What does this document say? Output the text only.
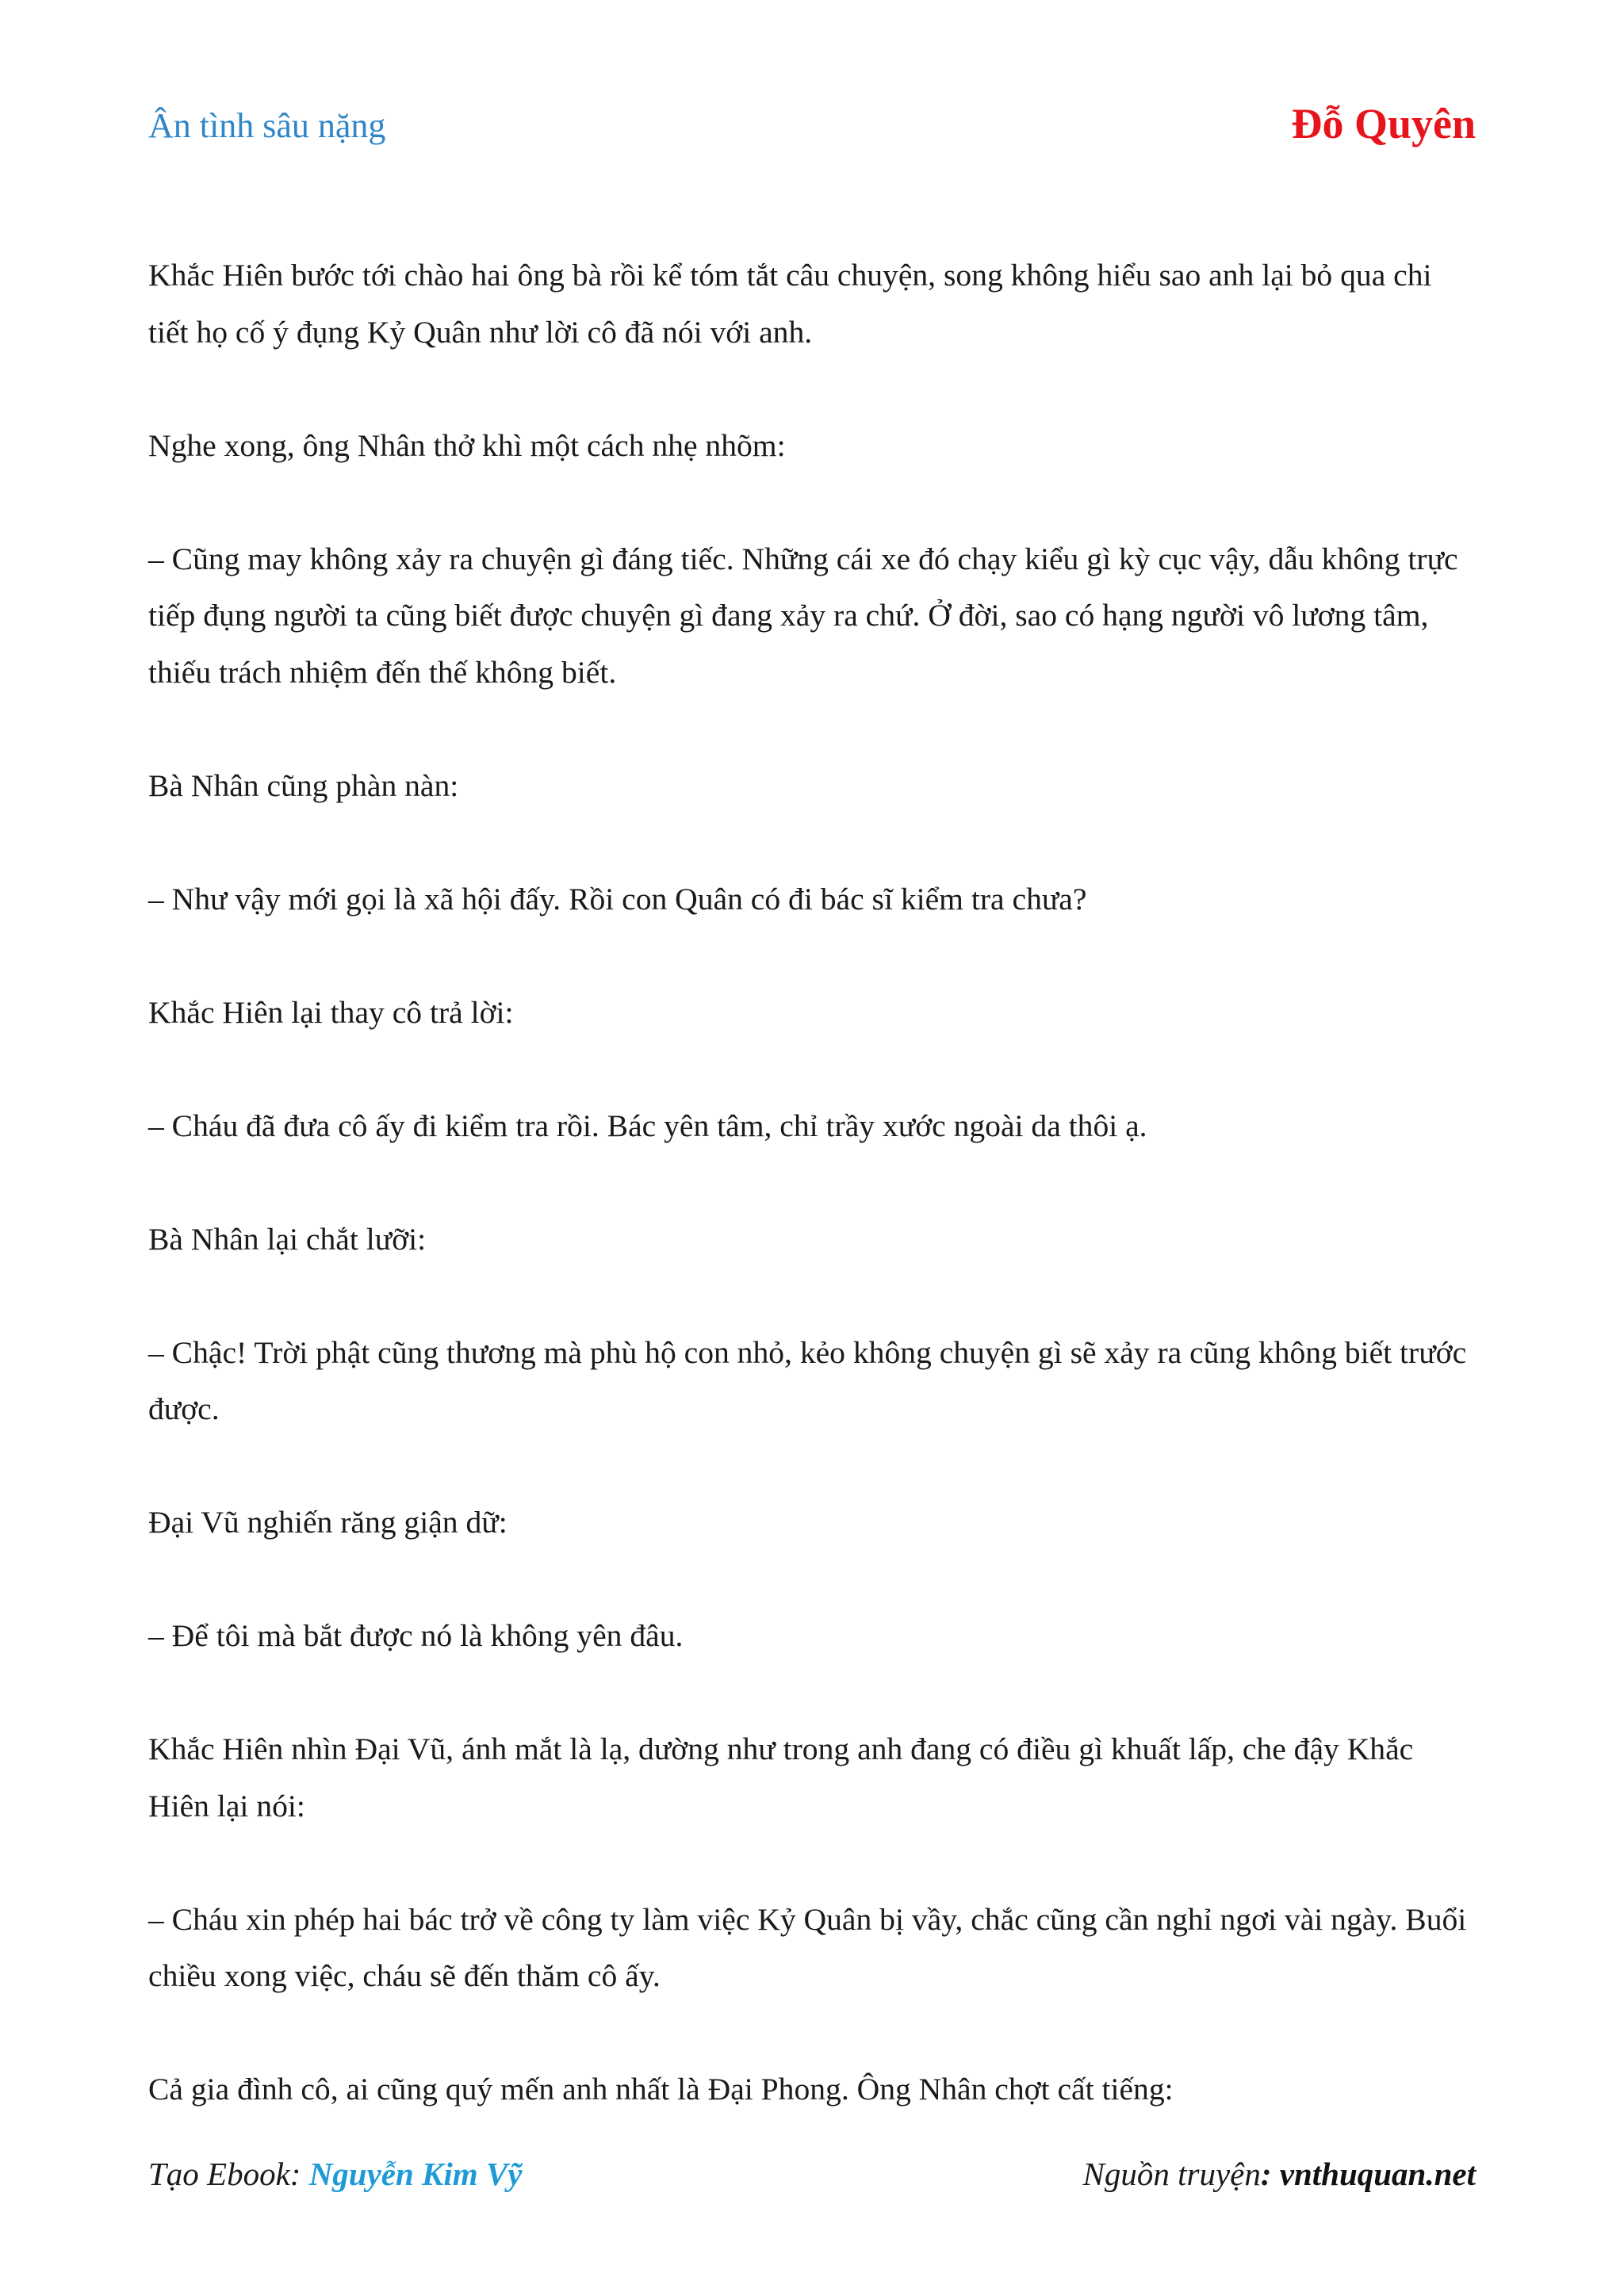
Ân tình sâu nặng	Đỗ Quyên

Khắc Hiên bước tới chào hai ông bà rồi kể tóm tắt câu chuyện, song không hiểu sao anh lại bỏ qua chi tiết họ cố ý đụng Kỷ Quân như lời cô đã nói với anh.

Nghe xong, ông Nhân thở khì một cách nhẹ nhõm:

– Cũng may không xảy ra chuyện gì đáng tiếc. Những cái xe đó chạy kiểu gì kỳ cục vậy, dẫu không trực tiếp đụng người ta cũng biết được chuyện gì đang xảy ra chứ. Ở đời, sao có hạng người vô lương tâm, thiếu trách nhiệm đến thế không biết.

Bà Nhân cũng phàn nàn:

– Như vậy mới gọi là xã hội đấy. Rồi con Quân có đi bác sĩ kiểm tra chưa?

Khắc Hiên lại thay cô trả lời:

– Cháu đã đưa cô ấy đi kiểm tra rồi. Bác yên tâm, chỉ trầy xước ngoài da thôi ạ.

Bà Nhân lại chắt lưỡi:

– Chậc! Trời phật cũng thương mà phù hộ con nhỏ, kẻo không chuyện gì sẽ xảy ra cũng không biết trước được.

Đại Vũ nghiến răng giận dữ:

– Để tôi mà bắt được nó là không yên đâu.

Khắc Hiên nhìn Đại Vũ, ánh mắt là lạ, dường như trong anh đang có điều gì khuất lấp, che đậy Khắc Hiên lại nói:

– Cháu xin phép hai bác trở về công ty làm việc Kỷ Quân bị vầy, chắc cũng cần nghỉ ngơi vài ngày. Buổi chiều xong việc, cháu sẽ đến thăm cô ấy.

Cả gia đình cô, ai cũng quý mến anh nhất là Đại Phong. Ông Nhân chợt cất tiếng:

Tạo Ebook: Nguyễn Kim Vỹ	Nguồn truyện: vnthuquan.net
